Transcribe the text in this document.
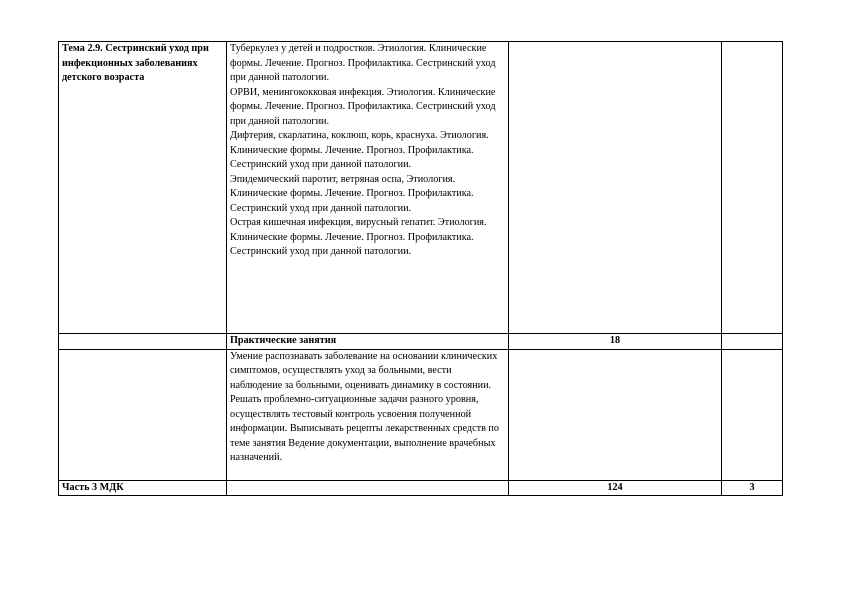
Тема 2.9. Сестринский уход при инфекционных заболеваниях детского возраста	Туберкулез у детей и подростков. Этиология. Клинические формы. Лечение. Прогноз. Профилактика. Сестринский уход при данной патологии.
ОРВИ, менингококковая инфекция. Этиология. Клинические формы. Лечение. Прогноз. Профилактика. Сестринский уход при данной патологии.
Дифтерия, скарлатина, коклюш, корь, краснуха. Этиология. Клинические формы. Лечение. Прогноз. Профилактика. Сестринский уход при данной патологии.
Эпидемический паротит, ветряная оспа, Этиология. Клинические формы. Лечение. Прогноз. Профилактика. Сестринский уход при данной патологии.
Острая кишечная инфекция, вирусный гепатит. Этиология. Клинические формы. Лечение. Прогноз. Профилактика. Сестринский уход при данной патологии.		

	Практические занятия	18	
	Умение распознавать заболевание на основании клинических симптомов, осуществлять уход за больными, вести наблюдение за больными, оценивать динамику в состоянии. Решать проблемно-ситуационные задачи разного уровня, осуществлять тестовый контроль усвоения полученной информации. Выписывать рецепты лекарственных средств по теме занятия Ведение документации, выполнение врачебных назначений.		
Часть 3 МДК		124	3
